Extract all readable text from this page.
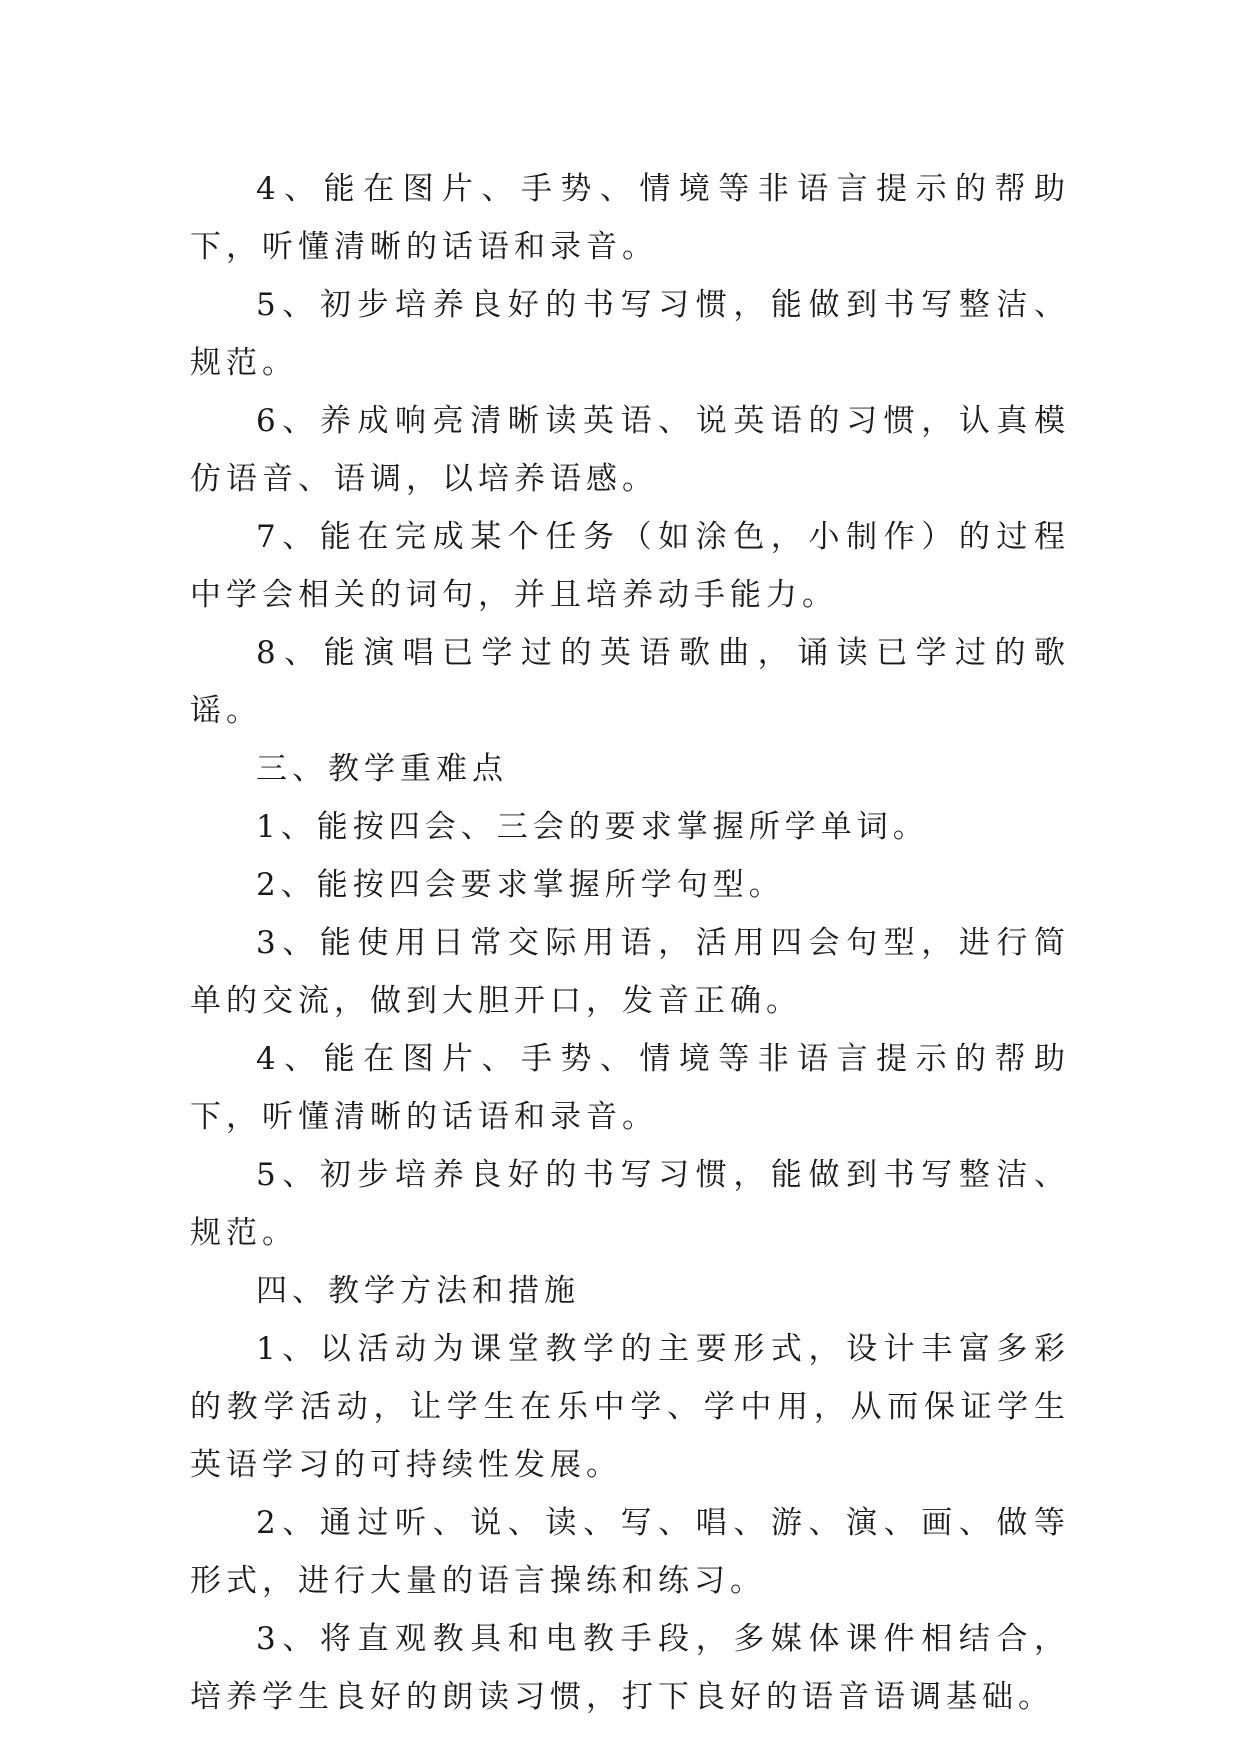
4、能在图片、手势、情境等非语言提示的帮助下，听懂清晰的话语和录音。

5、初步培养良好的书写习惯，能做到书写整洁、规范。

6、养成响亮清晰读英语、说英语的习惯，认真模仿语音、语调，以培养语感。

7、能在完成某个任务（如涂色，小制作）的过程中学会相关的词句，并且培养动手能力。

8、能演唱已学过的英语歌曲，诵读已学过的歌谣。

三、教学重难点

1、能按四会、三会的要求掌握所学单词。

2、能按四会要求掌握所学句型。

3、能使用日常交际用语，活用四会句型，进行简单的交流，做到大胆开口，发音正确。

4、能在图片、手势、情境等非语言提示的帮助下，听懂清晰的话语和录音。

5、初步培养良好的书写习惯，能做到书写整洁、规范。

四、教学方法和措施

1、以活动为课堂教学的主要形式，设计丰富多彩的教学活动，让学生在乐中学、学中用，从而保证学生英语学习的可持续性发展。

2、通过听、说、读、写、唱、游、演、画、做等形式，进行大量的语言操练和练习。

3、将直观教具和电教手段，多媒体课件相结合，培养学生良好的朗读习惯，打下良好的语音语调基础。
